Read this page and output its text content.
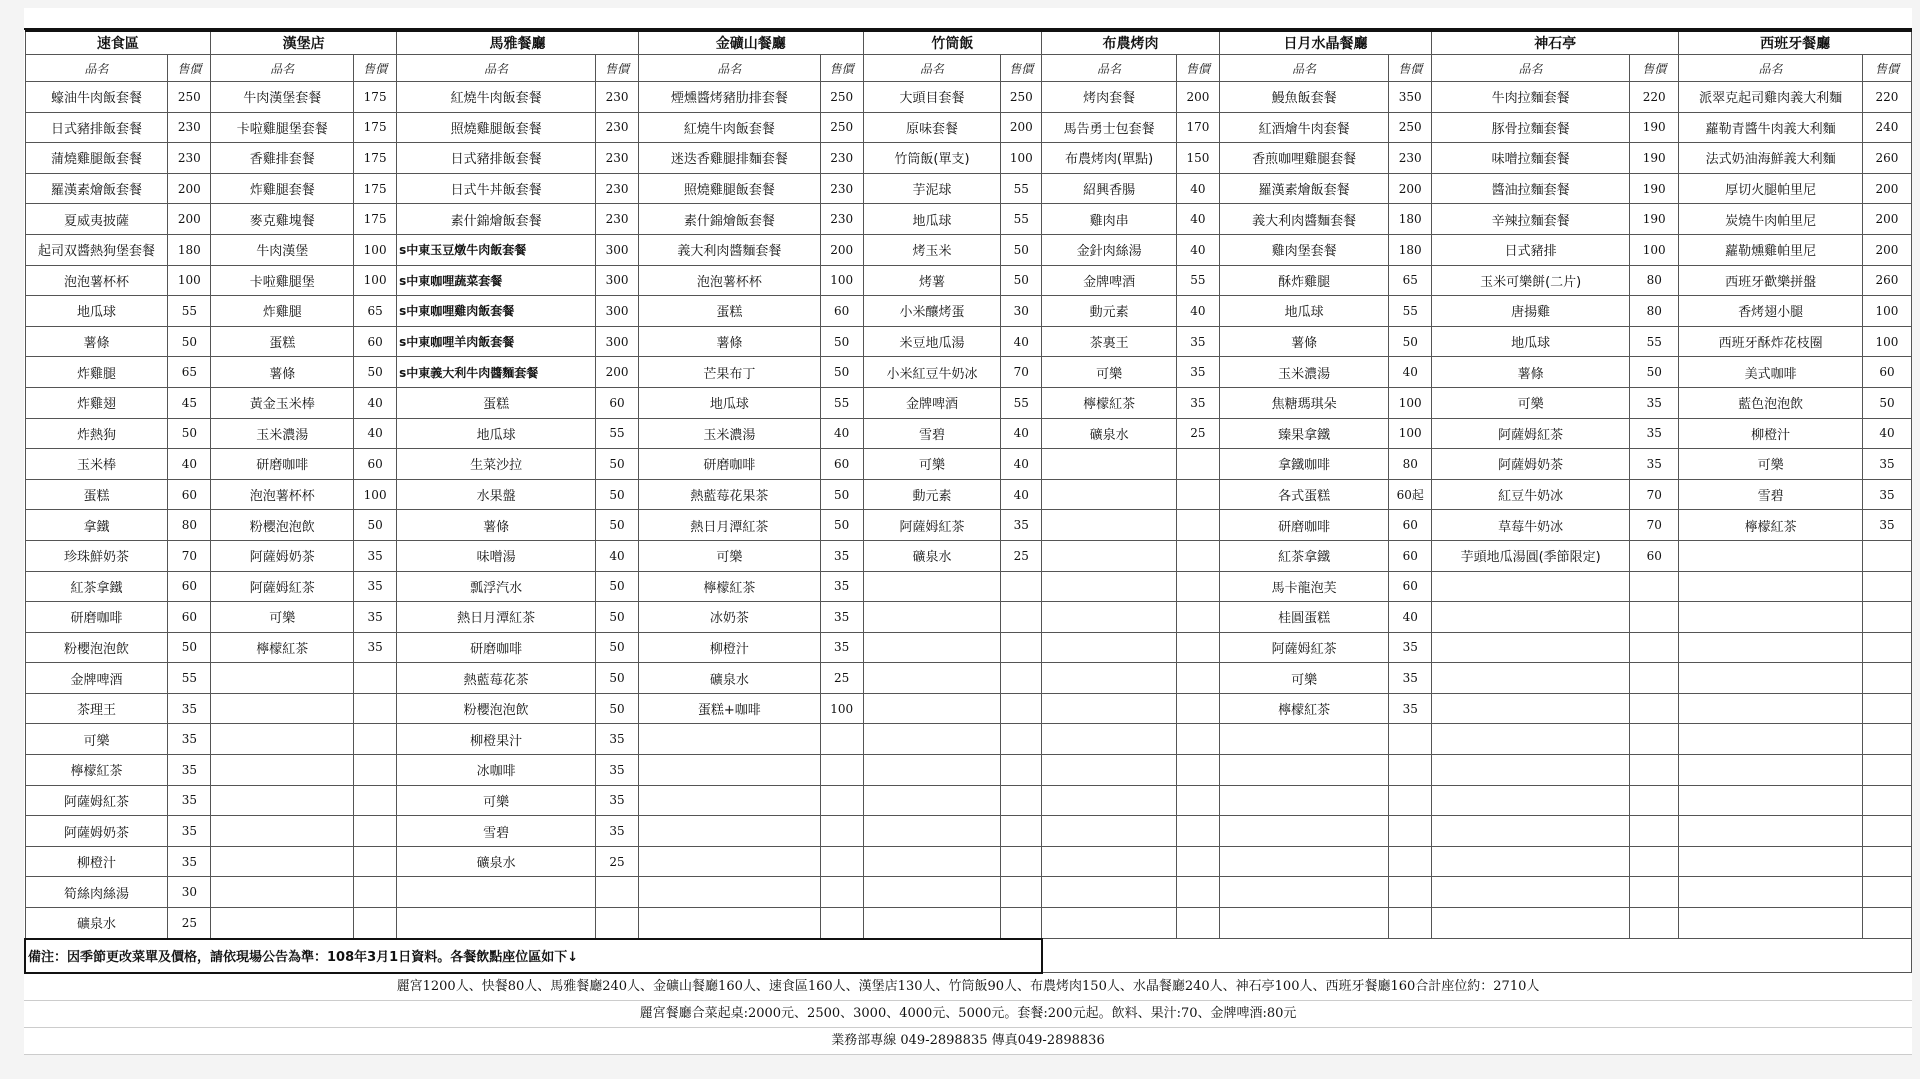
速食區		漢堡店		馬雅餐廳		金礦山餐廳		竹筒飯		布農烤肉		日月水晶餐廳		神石亭		西班牙餐廳	
品名	售價	品名	售價	品名	售價	品名	售價	品名	售價	品名	售價	品名	售價	品名	售價	品名	售價
蠔油牛肉飯套餐	250	牛肉漢堡套餐	175	紅燒牛肉飯套餐	230	煙燻醬烤豬肋排套餐	250	大頭目套餐	250	烤肉套餐	200	鰻魚飯套餐	350	牛肉拉麵套餐	220	派翠克起司雞肉義大利麵	220
日式豬排飯套餐	230	卡啦雞腿堡套餐	175	照燒雞腿飯套餐	230	紅燒牛肉飯套餐	250	原味套餐	200	馬告勇士包套餐	170	紅酒燴牛肉套餐	250	豚骨拉麵套餐	190	蘿勒青醬牛肉義大利麵	240
蒲燒雞腿飯套餐	230	香雞排套餐	175	日式豬排飯套餐	230	迷迭香雞腿排麵套餐	230	竹筒飯(單支)	100	布農烤肉(單點)	150	香煎咖哩雞腿套餐	230	味噌拉麵套餐	190	法式奶油海鮮義大利麵	260
羅漢素燴飯套餐	200	炸雞腿套餐	175	日式牛丼飯套餐	230	照燒雞腿飯套餐	230	芋泥球	55	紹興香腸	40	羅漢素燴飯套餐	200	醬油拉麵套餐	190	厚切火腿帕里尼	200
夏威夷披薩	200	麥克雞塊餐	175	素什錦燴飯套餐	230	素什錦燴飯套餐	230	地瓜球	55	雞肉串	40	義大利肉醬麵套餐	180	辛辣拉麵套餐	190	炭燒牛肉帕里尼	200
起司双醬熱狗堡套餐	180	牛肉漢堡	100	s中東玉豆燉牛肉飯套餐	300	義大利肉醬麵套餐	200	烤玉米	50	金針肉絲湯	40	雞肉堡套餐	180	日式豬排	100	蘿勒燻雞帕里尼	200
泡泡薯杯杯	100	卡啦雞腿堡	100	s中東咖哩蔬菜套餐	300	泡泡薯杯杯	100	烤薯	50	金牌啤酒	55	酥炸雞腿	65	玉米可樂餅(二片)	80	西班牙歡樂拼盤	260
地瓜球	55	炸雞腿	65	s中東咖哩雞肉飯套餐	300	蛋糕	60	小米釀烤蛋	30	動元素	40	地瓜球	55	唐揚雞	80	香烤翅小腿	100
薯條	50	蛋糕	60	s中東咖哩羊肉飯套餐	300	薯條	50	米豆地瓜湯	40	茶裏王	35	薯條	50	地瓜球	55	西班牙酥炸花枝圈	100
炸雞腿	65	薯條	50	s中東義大利牛肉醬麵套餐	200	芒果布丁	50	小米紅豆牛奶冰	70	可樂	35	玉米濃湯	40	薯條	50	美式咖啡	60
炸雞翅	45	黃金玉米棒	40	蛋糕	60	地瓜球	55	金牌啤酒	55	檸檬紅茶	35	焦糖瑪琪朵	100	可樂	35	藍色泡泡飲	50
炸熱狗	50	玉米濃湯	40	地瓜球	55	玉米濃湯	40	雪碧	40	礦泉水	25	臻果拿鐵	100	阿薩姆紅茶	35	柳橙汁	40
玉米棒	40	研磨咖啡	60	生菜沙拉	50	研磨咖啡	60	可樂	40			拿鐵咖啡	80	阿薩姆奶茶	35	可樂	35
蛋糕	60	泡泡薯杯杯	100	水果盤	50	熱藍莓花果茶	50	動元素	40			各式蛋糕	60起	紅豆牛奶冰	70	雪碧	35
拿鐵	80	粉櫻泡泡飲	50	薯條	50	熱日月潭紅茶	50	阿薩姆紅茶	35			研磨咖啡	60	草莓牛奶冰	70	檸檬紅茶	35
珍珠鮮奶茶	70	阿薩姆奶茶	35	味噌湯	40	可樂	35	礦泉水	25			紅茶拿鐵	60	芋頭地瓜湯圓(季節限定)	60		
紅茶拿鐵	60	阿薩姆紅茶	35	瓢浮汽水	50	檸檬紅茶	35					馬卡龍泡芙	60				
研磨咖啡	60	可樂	35	熱日月潭紅茶	50	冰奶茶	35					桂圓蛋糕	40				
粉櫻泡泡飲	50	檸檬紅茶	35	研磨咖啡	50	柳橙汁	35					阿薩姆紅茶	35				
金牌啤酒	55			熱藍莓花茶	50	礦泉水	25					可樂	35				
茶理王	35			粉櫻泡泡飲	50	蛋糕+咖啡	100					檸檬紅茶	35				
可樂	35			柳橙果汁	35												
檸檬紅茶	35			冰咖啡	35												
阿薩姆紅茶	35			可樂	35												
阿薩姆奶茶	35			雪碧	35												
柳橙汁	35			礦泉水	25												
筍絲肉絲湯	30																
礦泉水	25																
備注：因季節更改菜單及價格，請依現場公告為準：108年3月1日資料。各餐飲點座位區如下↓																	
麗宮1200人、快餐80人、馬雅餐廳240人、金礦山餐廳160人、速食區160人、漢堡店130人、竹筒飯90人、布農烤肉150人、水晶餐廳240人、神石亭100人、西班牙餐廳160合計座位約：2710人
麗宮餐廳合菜起桌:2000元、2500、3000、4000元、5000元。套餐:200元起。飲料、果汁:70、金牌啤酒:80元
業務部專線 049-2898835 傳真049-2898836
